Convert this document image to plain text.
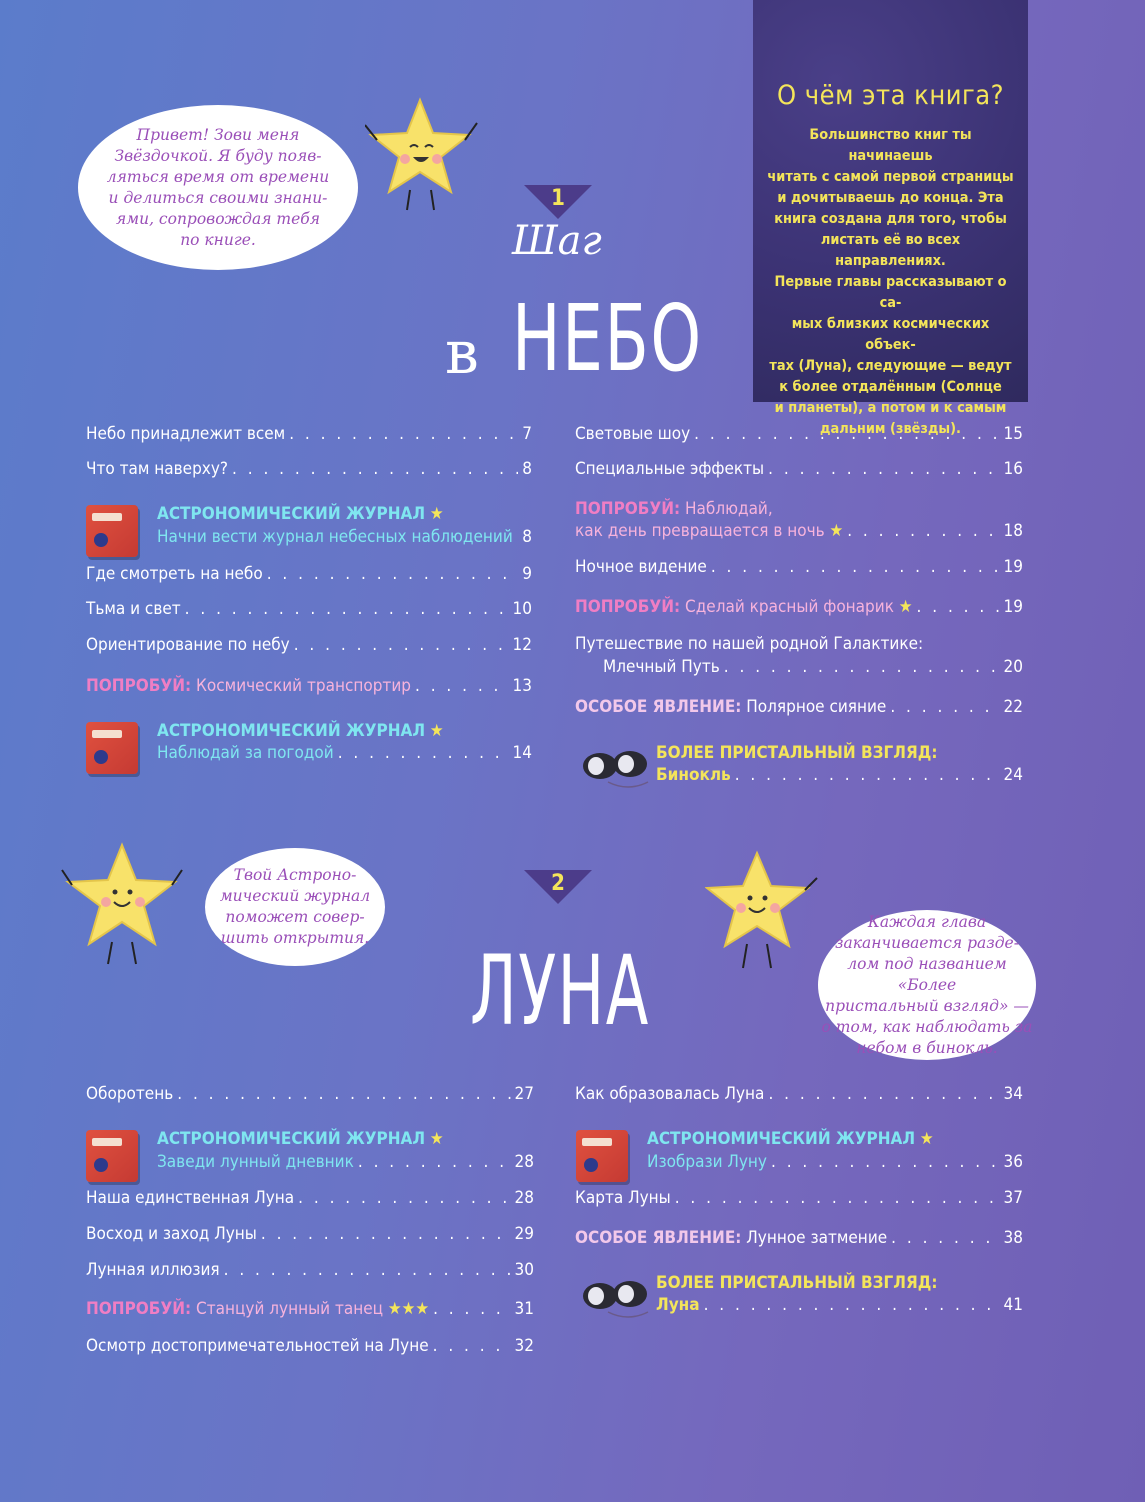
О чём эта книга?
Большинство книг ты начинаешь
читать с самой первой страницы
и дочитываешь до конца. Эта
книга создана для того, чтобы
листать её во всех направлениях.
Первые главы рассказывают о са-
мых близких космических объек-
тах (Луна), следующие — ведут
к более отдалённым (Солнце
и планеты), а потом и к самым
дальним (звёзды).
Привет! Зови меня
Звёздочкой. Я буду появ-
ляться время от времени
и делиться своими знани-
ями, сопровождая тебя
по книге.
1
Шаг
в НЕБО
Небо принадлежит всем . . .	7
Что там наверху? . . .	8
АСТРОНОМИЧЕСКИЙ ЖУРНАЛ
★
Начни вести журнал небесных наблюдений 8
Где смотреть на небо . . .	9
Тьма и свет . . .	10
Ориентирование по небу . . .	12
ПОПРОБУЙ:
Космический транспортир . . .	13
АСТРОНОМИЧЕСКИЙ ЖУРНАЛ
★
Наблюдай за погодой . . .	14
Световые шоу . . .	15
Специальные эффекты . . .	16
ПОПРОБУЙ:
Наблюдай,
как день превращается в ночь
★ . . .	18
Ночное видение . . .	19
ПОПРОБУЙ:
Сделай красный фонарик
★ . . .	19
Путешествие по нашей родной Галактике:
Млечный Путь . . .	20
ОСОБОЕ ЯВЛЕНИЕ:
Полярное сияние . . .	22
БОЛЕЕ ПРИСТАЛЬНЫЙ ВЗГЛЯД:
Бинокль . . .	24
Твой Астроно-
мический журнал
поможет совер-
шить открытия.
2
ЛУНА
Каждая глава
заканчивается разде-
лом под названием «Более
пристальный взгляд» —
о том, как наблюдать за
небом в бинокль.
Оборотень . . .	27
АСТРОНОМИЧЕСКИЙ ЖУРНАЛ
★
Заведи лунный дневник . . .	28
Наша единственная Луна . . .	28
Восход и заход Луны . . .	29
Лунная иллюзия . . .	30
ПОПРОБУЙ:
Станцуй лунный танец
★ ★ ★ . . .	31
Осмотр достопримечательностей на Луне . . .	32
Как образовалась Луна . . .	34
АСТРОНОМИЧЕСКИЙ ЖУРНАЛ
★
Изобрази Луну . . .	36
Карта Луны . . .	37
ОСОБОЕ ЯВЛЕНИЕ:
Лунное затмение . . .	38
БОЛЕЕ ПРИСТАЛЬНЫЙ ВЗГЛЯД:
Луна . . .	41
